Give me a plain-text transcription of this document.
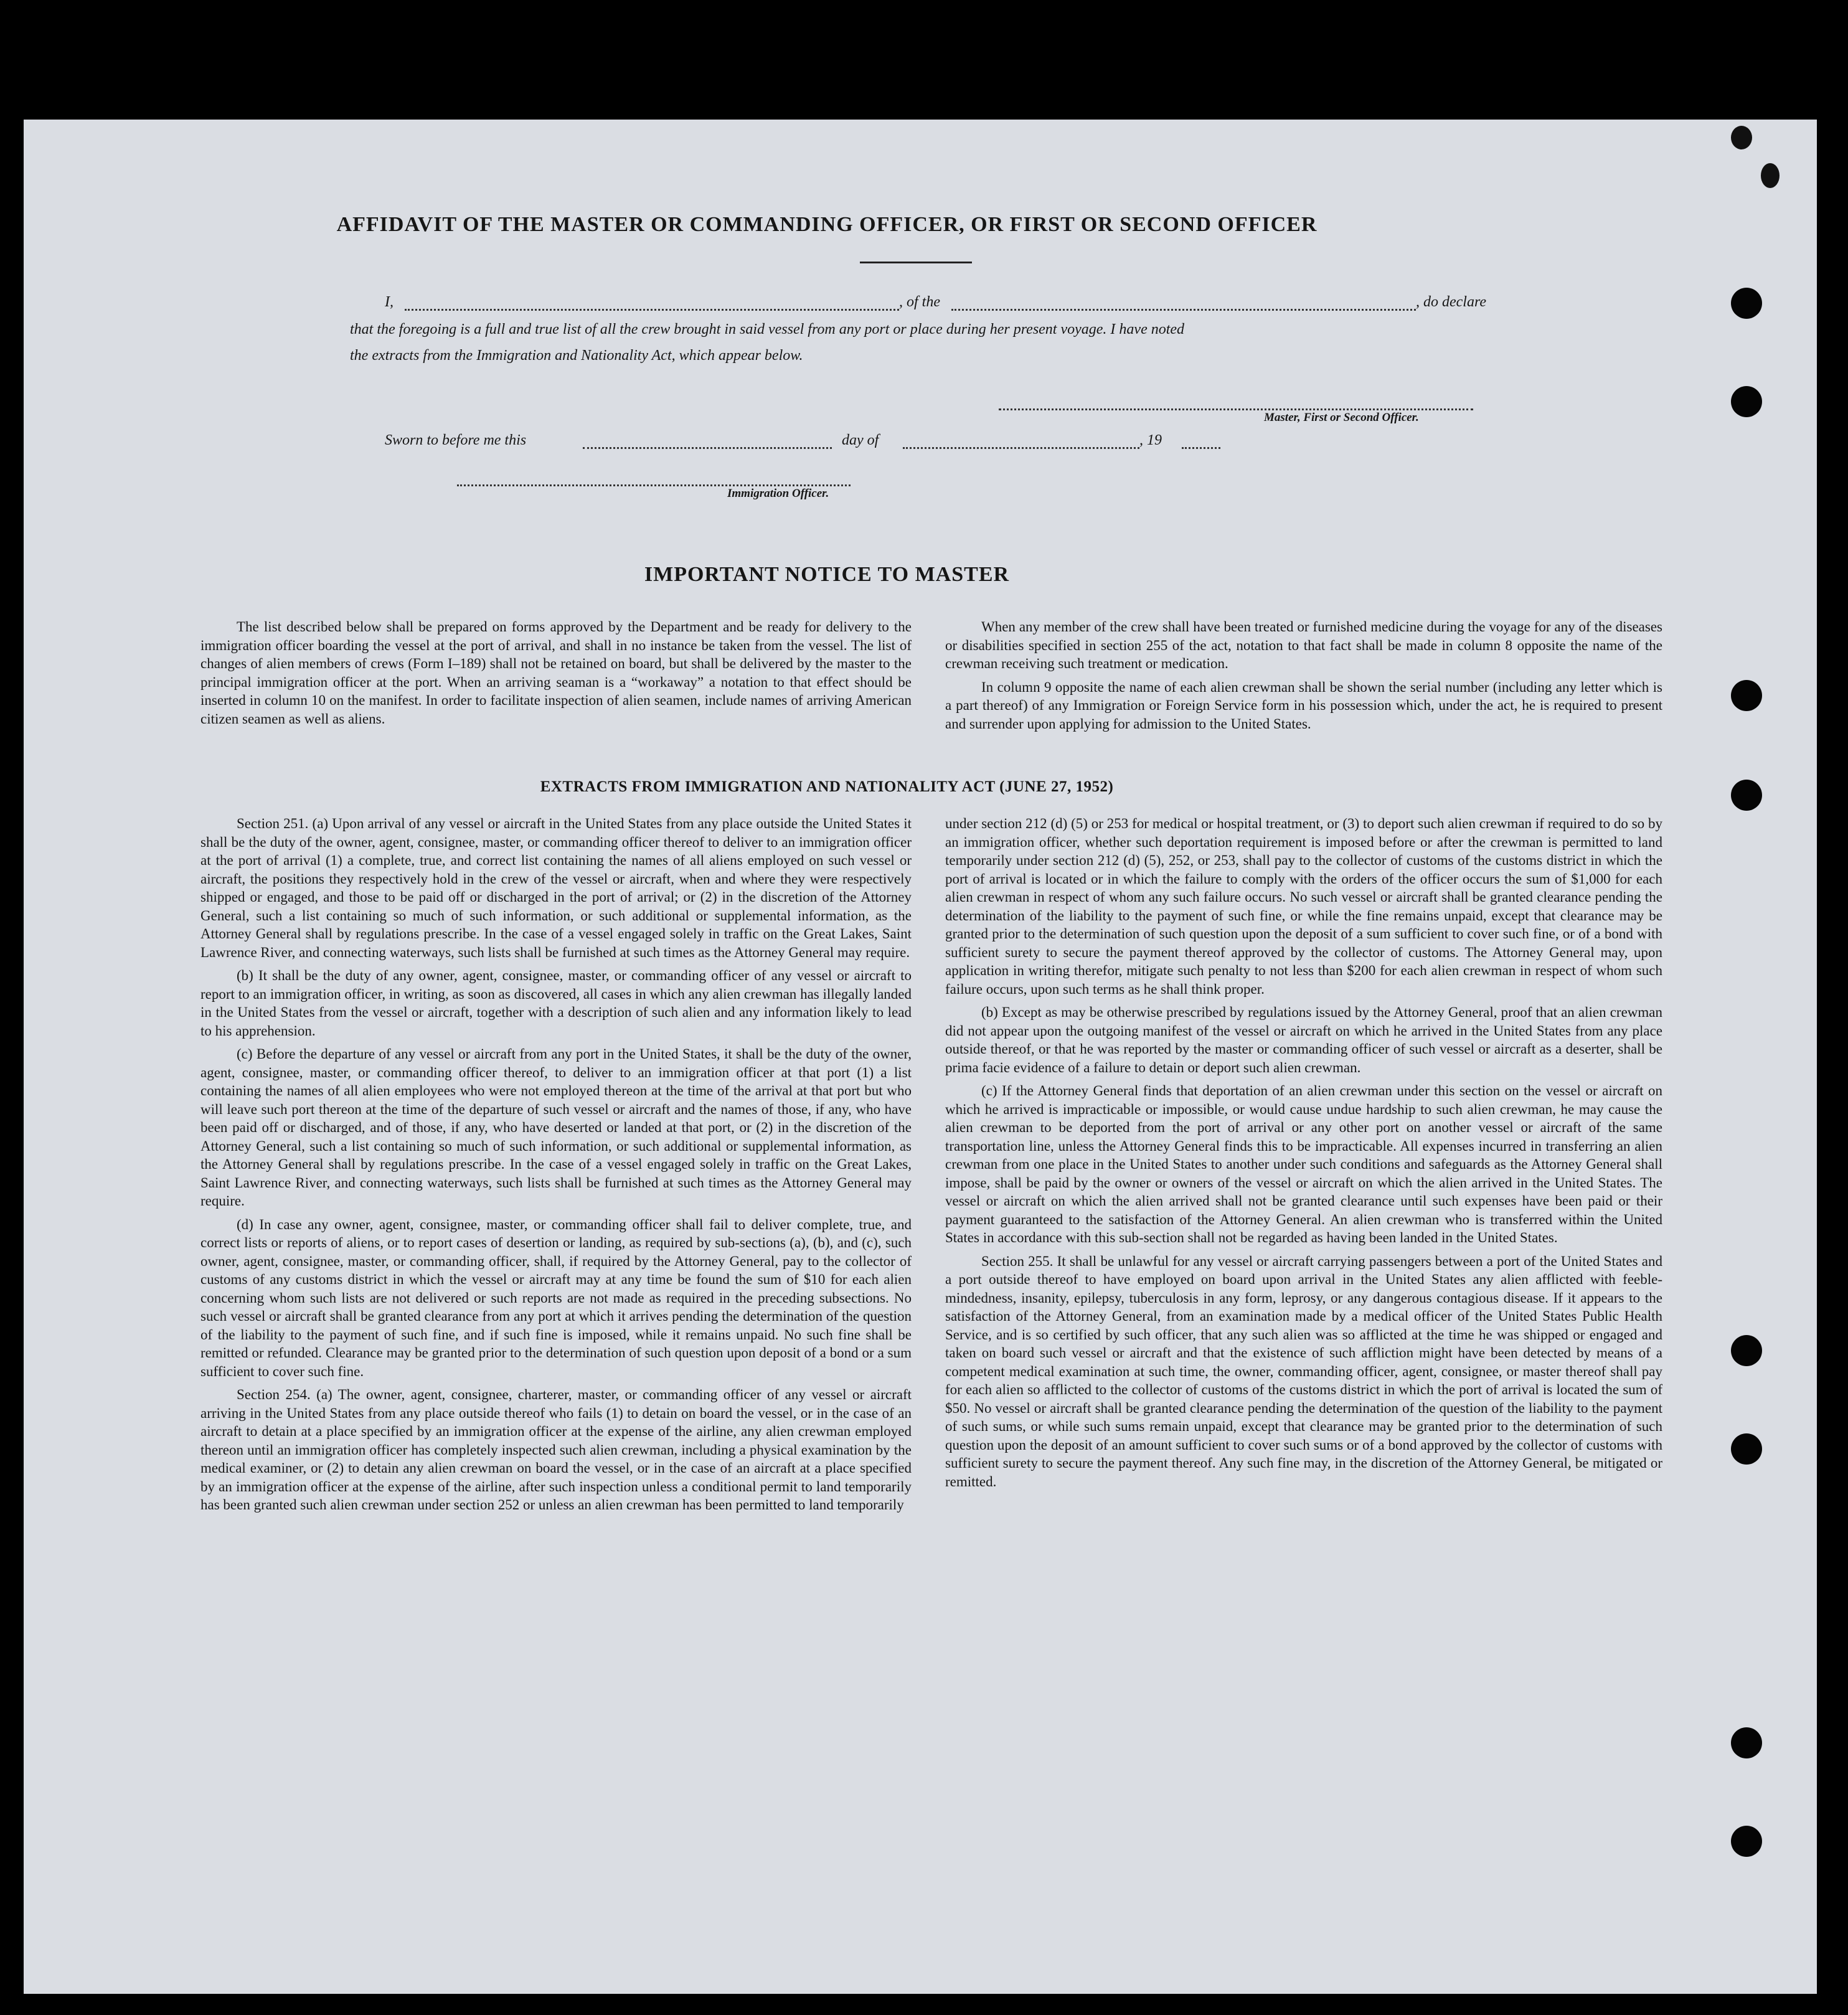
AFFIDAVIT OF THE MASTER OR COMMANDING OFFICER, OR FIRST OR SECOND OFFICER
I,	, of the	, do declare
that the foregoing is a full and true list of all the crew brought in said vessel from any port or place during her present voyage. I have noted
the extracts from the Immigration and Nationality Act, which appear below.
Master, First or Second Officer.
Sworn to before me this	day of	, 19
Immigration Officer.
IMPORTANT NOTICE TO MASTER

The list described below shall be prepared on forms approved by the Department and be ready for delivery to the immigration officer boarding the vessel at the port of arrival, and shall in no instance be taken from the vessel. The list of changes of alien members of crews (Form I–189) shall not be retained on board, but shall be delivered by the master to the principal immigration officer at the port. When an arriving seaman is a “workaway” a notation to that effect should be inserted in column 10 on the manifest. In order to facilitate inspection of alien seamen, include names of arriving American citizen seamen as well as aliens.

When any member of the crew shall have been treated or furnished medicine during the voyage for any of the diseases or disabilities specified in section 255 of the act, notation to that fact shall be made in column 8 opposite the name of the crewman receiving such treatment or medication.

In column 9 opposite the name of each alien crewman shall be shown the serial number (including any letter which is a part thereof) of any Immigration or Foreign Service form in his possession which, under the act, he is required to present and surrender upon applying for admission to the United States.

EXTRACTS FROM IMMIGRATION AND NATIONALITY ACT (JUNE 27, 1952)

Section 251. (a) Upon arrival of any vessel or aircraft in the United States from any place outside the United States it shall be the duty of the owner, agent, consignee, master, or commanding officer thereof to deliver to an immigration officer at the port of arrival (1) a complete, true, and correct list containing the names of all aliens employed on such vessel or aircraft, the positions they respectively hold in the crew of the vessel or aircraft, when and where they were respectively shipped or engaged, and those to be paid off or discharged in the port of arrival; or (2) in the discretion of the Attorney General, such a list containing so much of such information, or such additional or supplemental information, as the Attorney General shall by regulations prescribe. In the case of a vessel engaged solely in traffic on the Great Lakes, Saint Lawrence River, and connecting waterways, such lists shall be furnished at such times as the Attorney General may require.

(b) It shall be the duty of any owner, agent, consignee, master, or commanding officer of any vessel or aircraft to report to an immigration officer, in writing, as soon as discovered, all cases in which any alien crewman has illegally landed in the United States from the vessel or aircraft, together with a description of such alien and any information likely to lead to his apprehension.

(c) Before the departure of any vessel or aircraft from any port in the United States, it shall be the duty of the owner, agent, consignee, master, or commanding officer thereof, to deliver to an immigration officer at that port (1) a list containing the names of all alien employees who were not employed thereon at the time of the arrival at that port but who will leave such port thereon at the time of the departure of such vessel or aircraft and the names of those, if any, who have been paid off or discharged, and of those, if any, who have deserted or landed at that port, or (2) in the discretion of the Attorney General, such a list containing so much of such information, or such additional or supplemental information, as the Attorney General shall by regulations prescribe. In the case of a vessel engaged solely in traffic on the Great Lakes, Saint Lawrence River, and connecting waterways, such lists shall be furnished at such times as the Attorney General may require.

(d) In case any owner, agent, consignee, master, or commanding officer shall fail to deliver complete, true, and correct lists or reports of aliens, or to report cases of desertion or landing, as required by sub-sections (a), (b), and (c), such owner, agent, consignee, master, or commanding officer, shall, if required by the Attorney General, pay to the collector of customs of any customs district in which the vessel or aircraft may at any time be found the sum of $10 for each alien concerning whom such lists are not delivered or such reports are not made as required in the preceding subsections. No such vessel or aircraft shall be granted clearance from any port at which it arrives pending the determination of the question of the liability to the payment of such fine, and if such fine is imposed, while it remains unpaid. No such fine shall be remitted or refunded. Clearance may be granted prior to the determination of such question upon deposit of a bond or a sum sufficient to cover such fine.

Section 254. (a) The owner, agent, consignee, charterer, master, or commanding officer of any vessel or aircraft arriving in the United States from any place outside thereof who fails (1) to detain on board the vessel, or in the case of an aircraft to detain at a place specified by an immigration officer at the expense of the airline, any alien crewman employed thereon until an immigration officer has completely inspected such alien crewman, including a physical examination by the medical examiner, or (2) to detain any alien crewman on board the vessel, or in the case of an aircraft at a place specified by an immigration officer at the expense of the airline, after such inspection unless a conditional permit to land temporarily has been granted such alien crewman under section 252 or unless an alien crewman has been permitted to land temporarily

under section 212 (d) (5) or 253 for medical or hospital treatment, or (3) to deport such alien crewman if required to do so by an immigration officer, whether such deportation requirement is imposed before or after the crewman is permitted to land temporarily under section 212 (d) (5), 252, or 253, shall pay to the collector of customs of the customs district in which the port of arrival is located or in which the failure to comply with the orders of the officer occurs the sum of $1,000 for each alien crewman in respect of whom any such failure occurs. No such vessel or aircraft shall be granted clearance pending the determination of the liability to the payment of such fine, or while the fine remains unpaid, except that clearance may be granted prior to the determination of such question upon the deposit of a sum sufficient to cover such fine, or of a bond with sufficient surety to secure the payment thereof approved by the collector of customs. The Attorney General may, upon application in writing therefor, mitigate such penalty to not less than $200 for each alien crewman in respect of whom such failure occurs, upon such terms as he shall think proper.

(b) Except as may be otherwise prescribed by regulations issued by the Attorney General, proof that an alien crewman did not appear upon the outgoing manifest of the vessel or aircraft on which he arrived in the United States from any place outside thereof, or that he was reported by the master or commanding officer of such vessel or aircraft as a deserter, shall be prima facie evidence of a failure to detain or deport such alien crewman.

(c) If the Attorney General finds that deportation of an alien crewman under this section on the vessel or aircraft on which he arrived is impracticable or impossible, or would cause undue hardship to such alien crewman, he may cause the alien crewman to be deported from the port of arrival or any other port on another vessel or aircraft of the same transportation line, unless the Attorney General finds this to be impracticable. All expenses incurred in transferring an alien crewman from one place in the United States to another under such conditions and safeguards as the Attorney General shall impose, shall be paid by the owner or owners of the vessel or aircraft on which the alien arrived in the United States. The vessel or aircraft on which the alien arrived shall not be granted clearance until such expenses have been paid or their payment guaranteed to the satisfaction of the Attorney General. An alien crewman who is transferred within the United States in accordance with this sub-section shall not be regarded as having been landed in the United States.

Section 255. It shall be unlawful for any vessel or aircraft carrying passengers between a port of the United States and a port outside thereof to have employed on board upon arrival in the United States any alien afflicted with feeble-mindedness, insanity, epilepsy, tuberculosis in any form, leprosy, or any dangerous contagious disease. If it appears to the satisfaction of the Attorney General, from an examination made by a medical officer of the United States Public Health Service, and is so certified by such officer, that any such alien was so afflicted at the time he was shipped or engaged and taken on board such vessel or aircraft and that the existence of such affliction might have been detected by means of a competent medical examination at such time, the owner, commanding officer, agent, consignee, or master thereof shall pay for each alien so afflicted to the collector of customs of the customs district in which the port of arrival is located the sum of $50. No vessel or aircraft shall be granted clearance pending the determination of the question of the liability to the payment of such sums, or while such sums remain unpaid, except that clearance may be granted prior to the determination of such question upon the deposit of an amount sufficient to cover such sums or of a bond approved by the collector of customs with sufficient surety to secure the payment thereof. Any such fine may, in the discretion of the Attorney General, be mitigated or remitted.
